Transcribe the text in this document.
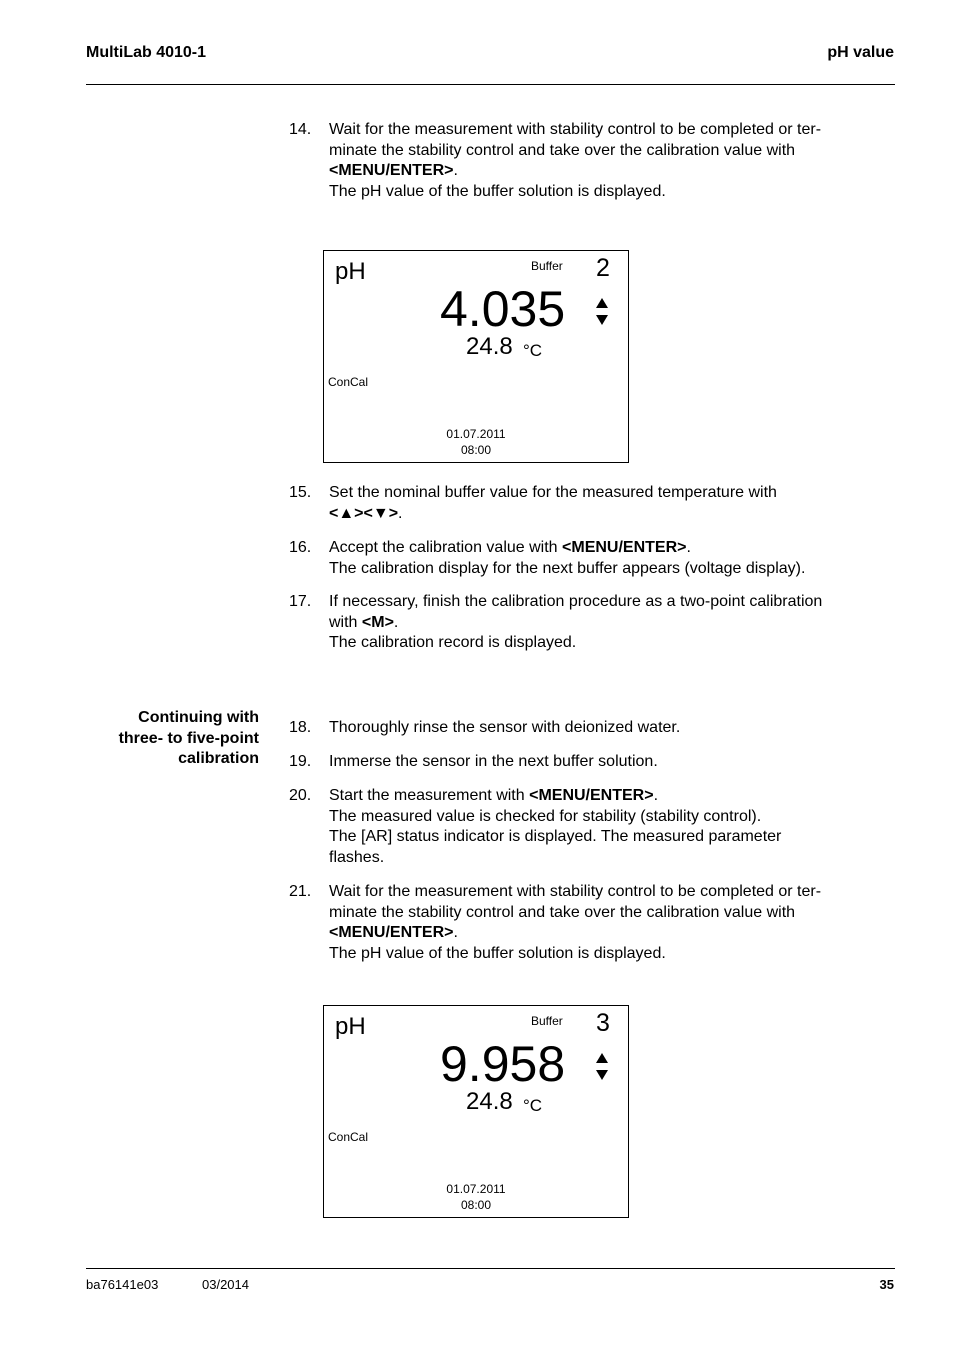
MultiLab 4010-1	pH value
14. Wait for the measurement with stability control to be completed or ter-
minate the stability control and take over the calibration value with
<MENU/ENTER>.
The pH value of the buffer solution is displayed.
pH	Buffer 2
4.035
24.8 °C
ConCal
01.07.2011
08:00
15. Set the nominal buffer value for the measured temperature with
<▲><▼>.
16. Accept the calibration value with <MENU/ENTER>.
The calibration display for the next buffer appears (voltage display).
17. If necessary, finish the calibration procedure as a two-point calibration
with <M>.
The calibration record is displayed.
Continuing with
three- to five-point
calibration
18. Thoroughly rinse the sensor with deionized water.
19. Immerse the sensor in the next buffer solution.
20. Start the measurement with <MENU/ENTER>.
The measured value is checked for stability (stability control).
The [AR] status indicator is displayed. The measured parameter
flashes.
21. Wait for the measurement with stability control to be completed or ter-
minate the stability control and take over the calibration value with
<MENU/ENTER>.
The pH value of the buffer solution is displayed.
pH	Buffer 3
9.958
24.8 °C
ConCal
01.07.2011
08:00
ba76141e03	03/2014	35
